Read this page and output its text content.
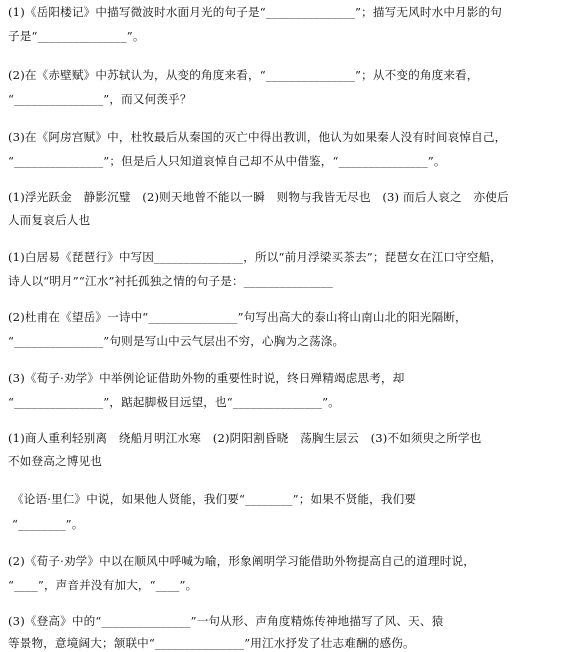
(1)《岳阳楼记》中描写微波时水面月光的句子是“_______________”；描写无风时水中月影的句
子是“_______________”。
(2)在《赤壁赋》中苏轼认为，从变的角度来看，“_______________”；从不变的角度来看，
“_______________”，而又何羡乎？
(3)在《阿房宫赋》中，杜牧最后从秦国的灭亡中得出教训，他认为如果秦人没有时间哀悼自己，
“_______________”；但是后人只知道哀悼自己却不从中借鉴，“_______________”。
(1)浮光跃金　静影沉璧　(2)则天地曾不能以一瞬　则物与我皆无尽也　(3) 而后人哀之　亦使后
人而复哀后人也
(1)白居易《琵琶行》中写因_______________，所以“前月浮梁买茶去”；琵琶女在江口守空船，
诗人以“明月”“江水”衬托孤独之情的句子是：_______________
(2)杜甫在《望岳》一诗中“_______________”句写出高大的泰山将山南山北的阳光隔断，
“_______________”句则是写山中云气层出不穷，心胸为之荡涤。
(3)《荀子·劝学》中举例论证借助外物的重要性时说，终日殚精竭虑思考，却
“_______________”，踮起脚极目远望，也“_______________”。
(1)商人重利轻别离　绕船月明江水寒　(2)阴阳割昏晓　荡胸生层云　(3)不如须臾之所学也
不如登高之博见也
《论语·里仁》中说，如果他人贤能，我们要“________”；如果不贤能，我们要
“________”。
(2)《荀子·劝学》中以在顺风中呼喊为喻，形象阐明学习能借助外物提高自己的道理时说，
“____”，声音并没有加大，“____”。
(3)《登高》中的“_______________”一句从形、声角度精炼传神地描写了风、天、猿
等景物，意境阔大；颔联中“_______________”用江水抒发了壮志难酬的感伤。
